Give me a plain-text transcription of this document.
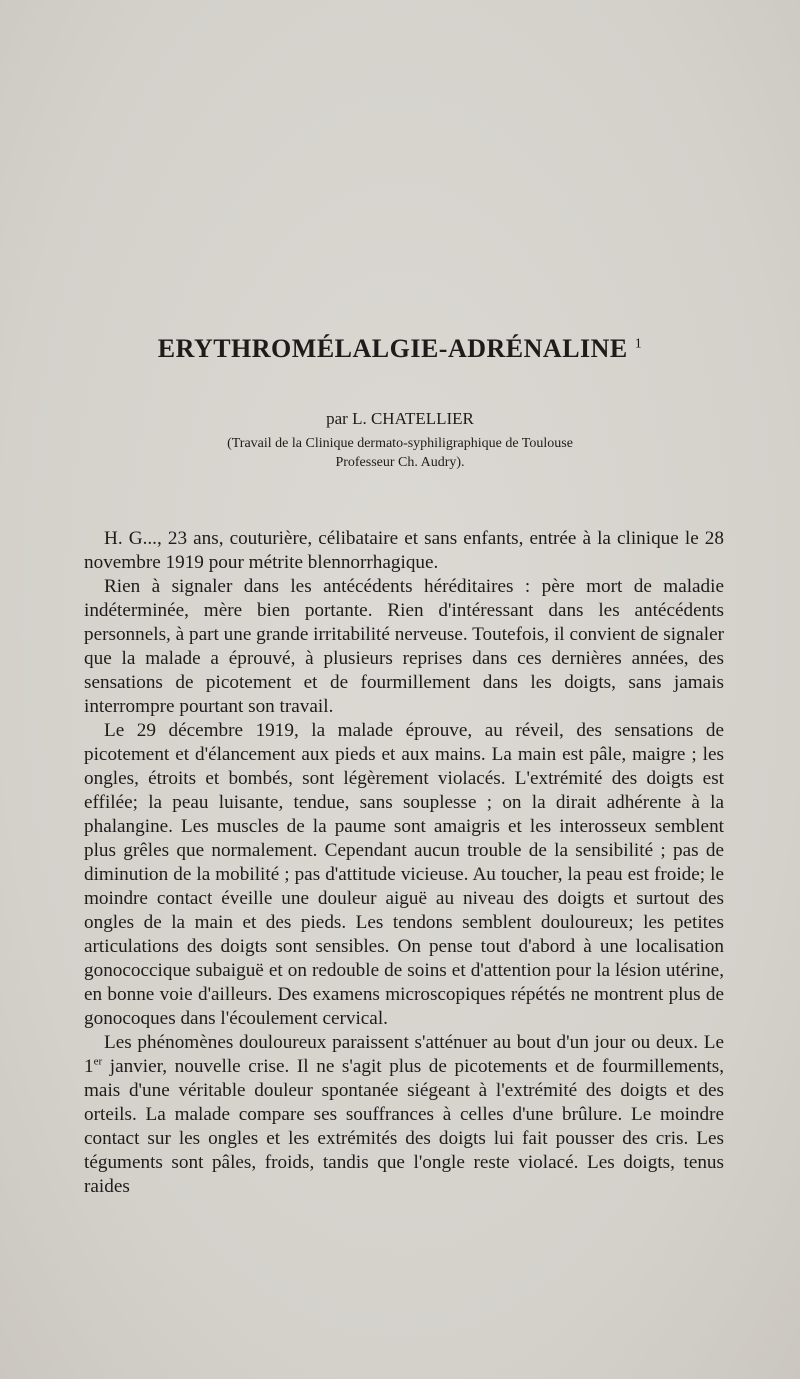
ERYTHROMÉLALGIE-ADRÉNALINE $^1$
par L. CHATELLIER
(Travail de la Clinique dermato-syphiligraphique de Toulouse
Professeur Ch. Audry).

H. G..., 23 ans, couturière, célibataire et sans enfants, entrée à la clinique le 28 novembre 1919 pour métrite blennorrhagique.

Rien à signaler dans les antécédents héréditaires : père mort de maladie indéterminée, mère bien portante. Rien d'intéressant dans les antécédents personnels, à part une grande irritabilité nerveuse. Toutefois, il convient de signaler que la malade a éprouvé, à plusieurs reprises dans ces dernières années, des sensations de picotement et de fourmillement dans les doigts, sans jamais interrompre pourtant son travail.

Le 29 décembre 1919, la malade éprouve, au réveil, des sensations de picotement et d'élancement aux pieds et aux mains. La main est pâle, maigre ; les ongles, étroits et bombés, sont légèrement violacés. L'extrémité des doigts est effilée; la peau luisante, tendue, sans souplesse ; on la dirait adhérente à la phalangine. Les muscles de la paume sont amaigris et les interosseux semblent plus grêles que normalement. Cependant aucun trouble de la sensibilité ; pas de diminution de la mobilité ; pas d'attitude vicieuse. Au toucher, la peau est froide; le moindre contact éveille une douleur aiguë au niveau des doigts et surtout des ongles de la main et des pieds. Les tendons semblent douloureux; les petites articulations des doigts sont sensibles. On pense tout d'abord à une localisation gonococcique subaiguë et on redouble de soins et d'attention pour la lésion utérine, en bonne voie d'ailleurs. Des examens microscopiques répétés ne montrent plus de gonocoques dans l'écoulement cervical.

Les phénomènes douloureux paraissent s'atténuer au bout d'un jour ou deux. Le 1er janvier, nouvelle crise. Il ne s'agit plus de picotements et de fourmillements, mais d'une véritable douleur spontanée siégeant à l'extrémité des doigts et des orteils. La malade compare ses souffrances à celles d'une brûlure. Le moindre contact sur les ongles et les extrémités des doigts lui fait pousser des cris. Les téguments sont pâles, froids, tandis que l'ongle reste violacé. Les doigts, tenus raides
